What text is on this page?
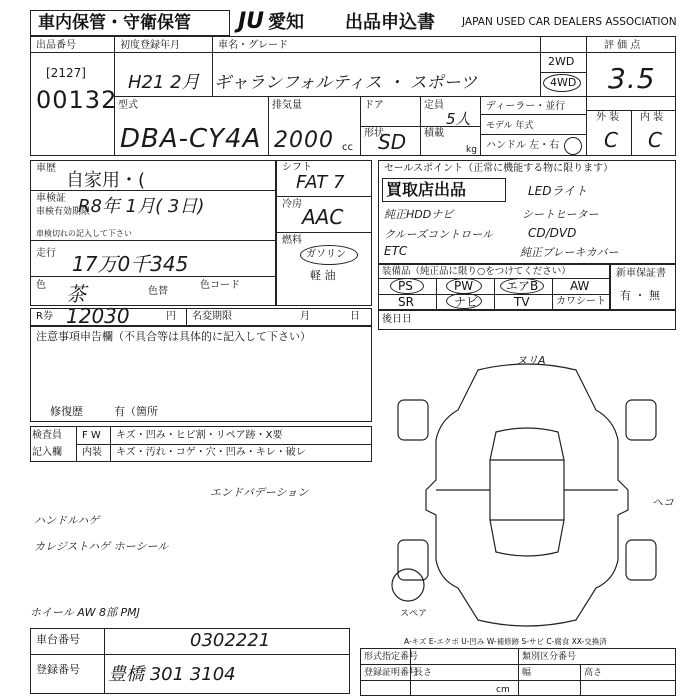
車内保管・守衛保管 JU 愛知 出品申込書	JAPAN USED CAR DEALERS ASSOCIATION
出品番号
[2127]
00132
初度登録年月
H21 2月
車名・グレード
ギャランフォルティス ・ スポーツ
2WD
4WD
評 価 点
3.5
外 装 内 装
C C
型式
DBA-CY4A
排気量
2000 cc
ドア	定員
5人
形状
SD 積載
kg
ディーラー・並行
モデル 年式
ハンドル 左・右
車歴
自家用・(
車検証
車検有効期限
R8年 1月( 3日)
車検切れの記入して下さい
走行 17万0千345
色 茶	色替
色コード
シフト
FAT 7
冷房
AAC
燃料
ガソリン
軽 油
セールスポイント（正常に機能する物に限ります）
買取店出品	LEDライト
純正HDDナビ	シートヒーター
クルーズコントロール	CD/DVD
ETC	純正ブレーキカバー
装備品（純正品に限り○をつけてください）
PS	PW	エアB	AW
SR	ナビ	TV	カワシート
新車保証書
有 ・ 無
R券 12030	円 名変期限	月	日
注意事項申告欄（不具合等は具体的に記入して下さい）
修復歴	有（箇所
後日日
検査員
記入欄
F W キズ・凹み・ヒビ割・リペア跡・X要
内装 キズ・汚れ・コゲ・穴・凹み・キレ・破レ
エンドバデーション
ハンドルハゲ
カレジストハゲ ホーシール
ホイール AW 8部 PMJ
ヌリA
ヘコ
スペア
A-キズ E-エクボ U-凹み W-補修跡 S-サビ C-腐食 XX-交換済
車台番号	0302221
登録番号 豊橋 301 3104
形式指定番号	類別区分番号
登録証明番号
長さ	幅	高さ
cm
